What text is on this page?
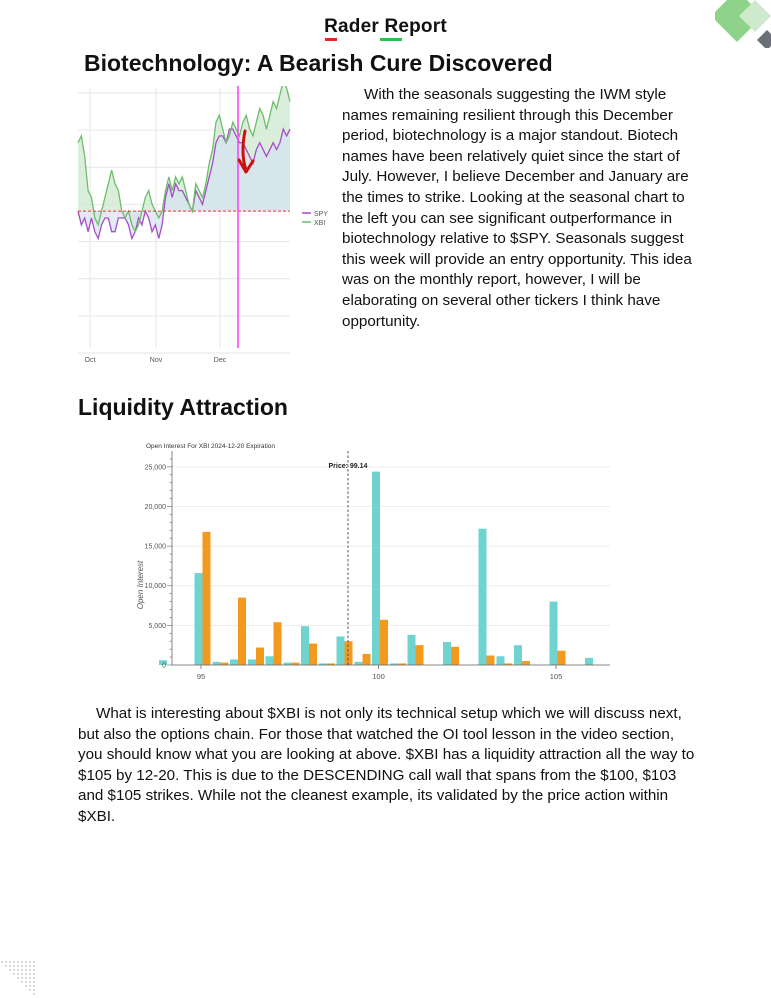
Rader Report
Biotechnology: A Bearish Cure Discovered
Oct	Nov	Dec
SPY
XBI
With the seasonals suggesting the IWM style names remaining resilient through this December period, biotechnology is a major standout. Biotech names have been relatively quiet since the start of July. However, I believe December and January are the times to strike. Looking at the seasonal chart to the left you can see significant outperformance in biotechnology relative to $SPY. Seasonals suggest this week will provide an entry opportunity. This idea was on the monthly report, however, I will be elaborating on several other tickers I think have opportunity.
Liquidity Attraction
Open Interest For XBI 2024-12-20 Expiration
0
5,000
10,000
15,000
20,000
25,000
95	100	105
Price: 99.14
Open Interest
What is interesting about $XBI is not only its technical setup which we will discuss next, but also the options chain. For those that watched the OI tool lesson in the video section, you should know what you are looking at above. $XBI has a liquidity attraction all the way to $105 by 12-20. This is due to the DESCENDING call wall that spans from the $100, $103 and $105 strikes. While not the cleanest example, its validated by the price action within $XBI.
